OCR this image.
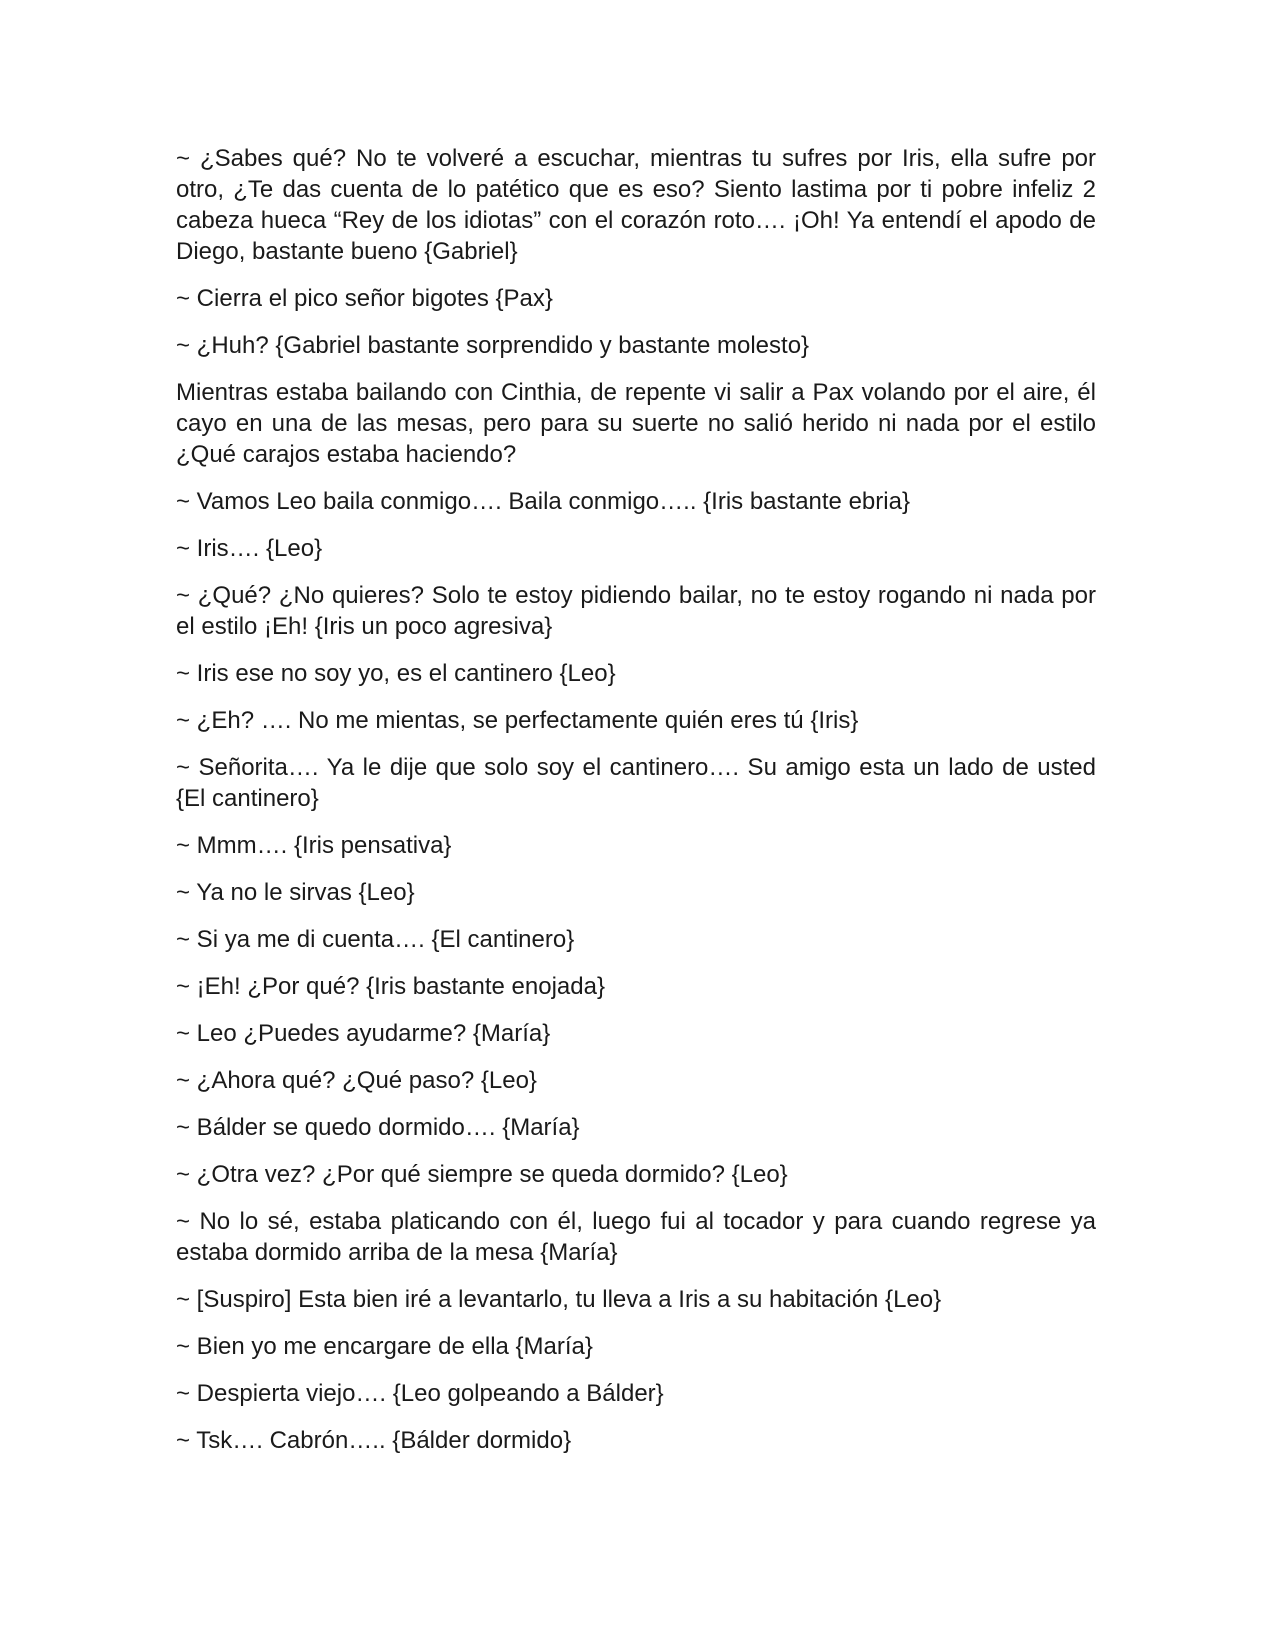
~ ¿Sabes qué? No te volveré a escuchar, mientras tu sufres por Iris, ella sufre por otro, ¿Te das cuenta de lo patético que es eso? Siento lastima por ti pobre infeliz 2 cabeza hueca “Rey de los idiotas” con el corazón roto…. ¡Oh! Ya entendí el apodo de Diego, bastante bueno {Gabriel}

~ Cierra el pico señor bigotes {Pax}

~ ¿Huh? {Gabriel bastante sorprendido y bastante molesto}

Mientras estaba bailando con Cinthia, de repente vi salir a Pax volando por el aire, él cayo en una de las mesas, pero para su suerte no salió herido ni nada por el estilo ¿Qué carajos estaba haciendo?

~ Vamos Leo baila conmigo…. Baila conmigo….. {Iris bastante ebria}

~ Iris…. {Leo}

~ ¿Qué? ¿No quieres? Solo te estoy pidiendo bailar, no te estoy rogando ni nada por el estilo ¡Eh! {Iris un poco agresiva}

~ Iris ese no soy yo, es el cantinero {Leo}

~ ¿Eh? …. No me mientas, se perfectamente quién eres tú {Iris}

~ Señorita…. Ya le dije que solo soy el cantinero…. Su amigo esta un lado de usted {El cantinero}

~ Mmm…. {Iris pensativa}

~ Ya no le sirvas {Leo}

~ Si ya me di cuenta…. {El cantinero}

~ ¡Eh! ¿Por qué? {Iris bastante enojada}

~ Leo ¿Puedes ayudarme? {María}

~ ¿Ahora qué? ¿Qué paso? {Leo}

~ Bálder se quedo dormido…. {María}

~ ¿Otra vez? ¿Por qué siempre se queda dormido? {Leo}

~ No lo sé, estaba platicando con él, luego fui al tocador y para cuando regrese ya estaba dormido arriba de la mesa {María}

~ [Suspiro] Esta bien iré a levantarlo, tu lleva a Iris a su habitación {Leo}

~ Bien yo me encargare de ella {María}

~ Despierta viejo…. {Leo golpeando a Bálder}

~ Tsk…. Cabrón….. {Bálder dormido}
